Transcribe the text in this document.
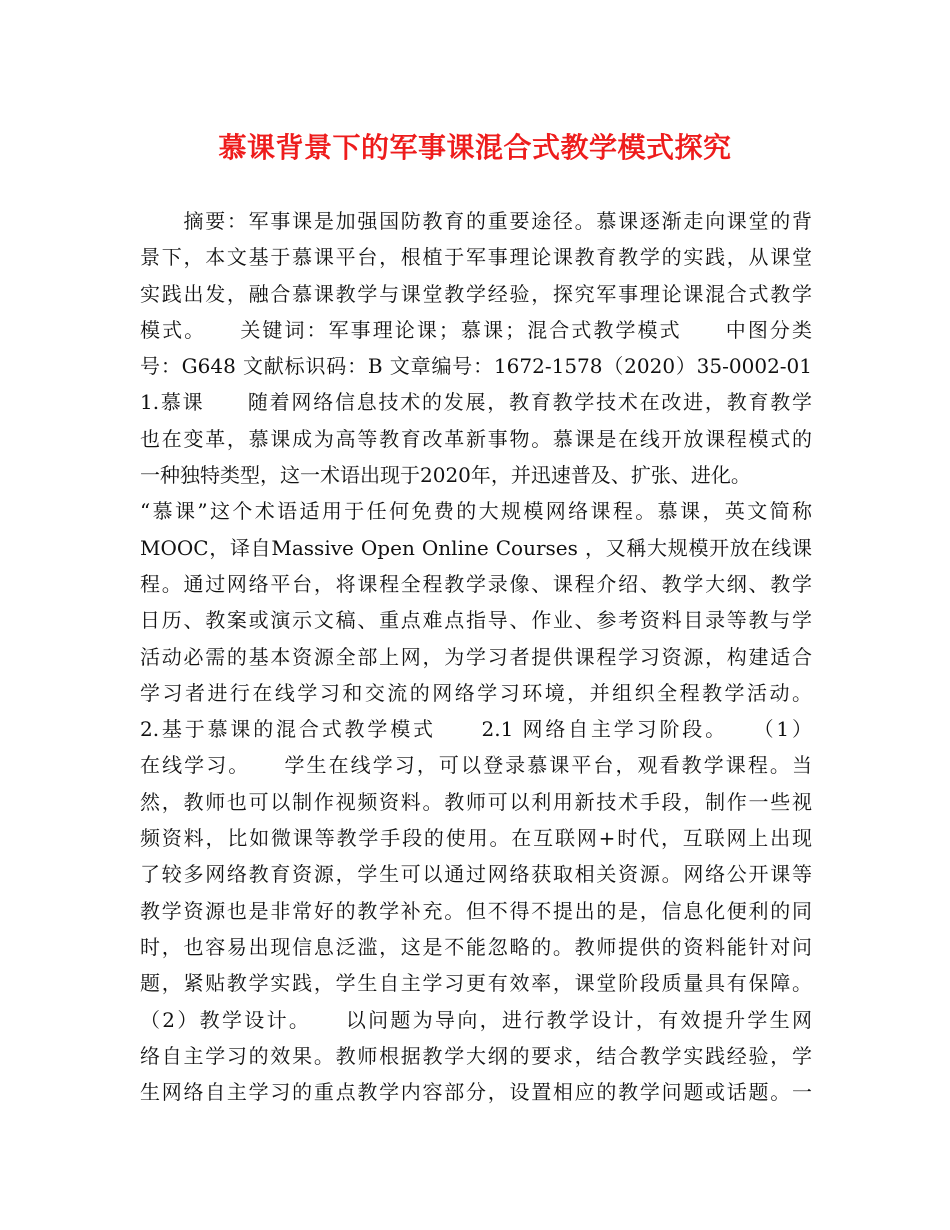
慕课背景下的军事课混合式教学模式探究
　　摘要：军事课是加强国防教育的重要途径。慕课逐渐走向课堂的背
景下，本文基于慕课平台，根植于军事理论课教育教学的实践，从课堂
实践出发，融合慕课教学与课堂教学经验，探究军事理论课混合式教学
模式。　　关键词：军事理论课；慕课；混合式教学模式　　中图分类
号：G648 文献标识码：B 文章编号：1672-1578（2020）35-0002-01
1.慕课　　随着网络信息技术的发展，教育教学技术在改进，教育教学
也在变革，慕课成为高等教育改革新事物。慕课是在线开放课程模式的
一种独特类型，这一术语出现于2020年，并迅速普及、扩张、进化。
“慕课”这个术语适用于任何免费的大规模网络课程。慕课，英文简称
MOOC，译自Massive Open Online Courses ，又稱大规模开放在线课
程。通过网络平台，将课程全程教学录像、课程介绍、教学大纲、教学
日历、教案或演示文稿、重点难点指导、作业、参考资料目录等教与学
活动必需的基本资源全部上网，为学习者提供课程学习资源，构建适合
学习者进行在线学习和交流的网络学习环境，并组织全程教学活动。
2.基于慕课的混合式教学模式　　2.1 网络自主学习阶段。　　（1）
在线学习。　　学生在线学习，可以登录慕课平台，观看教学课程。当
然，教师也可以制作视频资料。教师可以利用新技术手段，制作一些视
频资料，比如微课等教学手段的使用。在互联网+时代，互联网上出现
了较多网络教育资源，学生可以通过网络获取相关资源。网络公开课等
教学资源也是非常好的教学补充。但不得不提出的是，信息化便利的同
时，也容易出现信息泛滥，这是不能忽略的。教师提供的资料能针对问
题，紧贴教学实践，学生自主学习更有效率，课堂阶段质量具有保障。
（2）教学设计。　　以问题为导向，进行教学设计，有效提升学生网
络自主学习的效果。教师根据教学大纲的要求，结合教学实践经验，学
生网络自主学习的重点教学内容部分，设置相应的教学问题或话题。一
